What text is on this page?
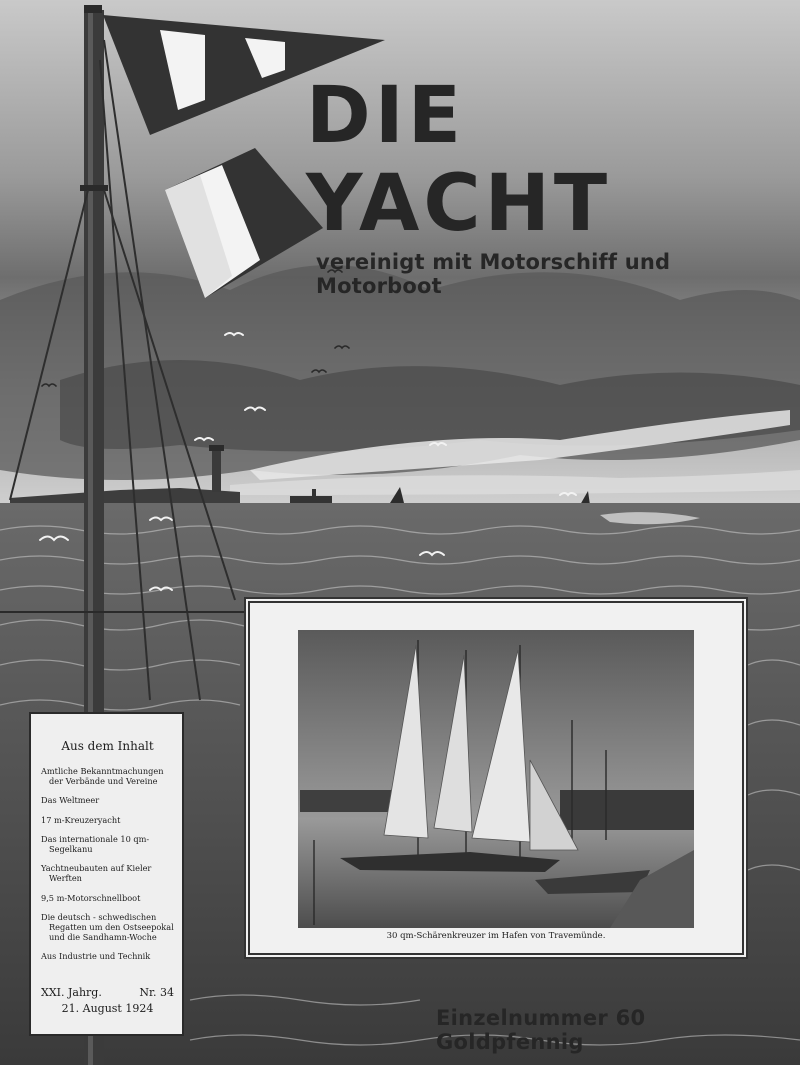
DIE YACHT
vereinigt mit Motorschiff und Motorboot
Aus dem Inhalt
Amtliche Bekanntmachungen der Verbände und Vereine
Das Weltmeer
17 m-Kreuzeryacht
Das internationale 10 qm-Segelkanu
Yachtneubauten auf Kieler Werften
9,5 m-Motorschnellboot
Die deutsch - schwedischen Regatten um den Ostseepokal und die Sandhamn-Woche
Aus Industrie und Technik
XXI. Jahrg.	Nr. 34
21. August 1924
30 qm-Schärenkreuzer im Hafen von Travemünde.
Einzelnummer 60 Goldpfennig
